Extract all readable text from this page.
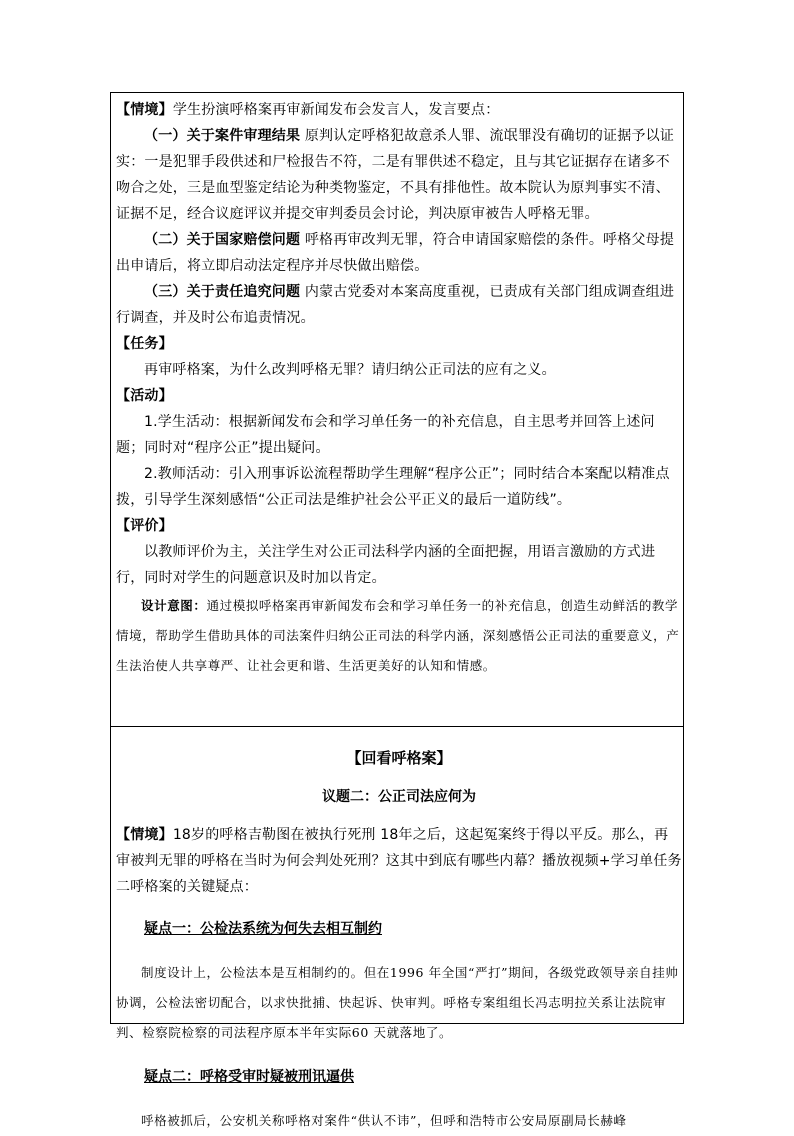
【情境】学生扮演呼格案再审新闻发布会发言人，发言要点：

（一）关于案件审理结果 原判认定呼格犯故意杀人罪、流氓罪没有确切的证据予以证实：一是犯罪手段供述和尸检报告不符，二是有罪供述不稳定，且与其它证据存在诸多不吻合之处，三是血型鉴定结论为种类物鉴定，不具有排他性。故本院认为原判事实不清、证据不足，经合议庭评议并提交审判委员会讨论，判决原审被告人呼格无罪。

（二）关于国家赔偿问题 呼格再审改判无罪，符合申请国家赔偿的条件。呼格父母提出申请后，将立即启动法定程序并尽快做出赔偿。

（三）关于责任追究问题 内蒙古党委对本案高度重视，已责成有关部门组成调查组进行调查，并及时公布追责情况。

【任务】

再审呼格案，为什么改判呼格无罪？请归纳公正司法的应有之义。

【活动】

1.学生活动：根据新闻发布会和学习单任务一的补充信息，自主思考并回答上述问题；同时对“程序公正”提出疑问。

2.教师活动：引入刑事诉讼流程帮助学生理解“程序公正”；同时结合本案配以精准点拨，引导学生深刻感悟“公正司法是维护社会公平正义的最后一道防线”。

【评价】

以教师评价为主，关注学生对公正司法科学内涵的全面把握，用语言激励的方式进行，同时对学生的问题意识及时加以肯定。

设计意图：通过模拟呼格案再审新闻发布会和学习单任务一的补充信息，创造生动鲜活的教学情境，帮助学生借助具体的司法案件归纳公正司法的科学内涵，深刻感悟公正司法的重要意义，产生法治使人共享尊严、让社会更和谐、生活更美好的认知和情感。

【回看呼格案】

议题二：公正司法应何为

【情境】18岁的呼格吉勒图在被执行死刑 18年之后，这起冤案终于得以平反。那么，再审被判无罪的呼格在当时为何会判处死刑？这其中到底有哪些内幕？播放视频+学习单任务二呼格案的关键疑点：

疑点一：公检法系统为何失去相互制约

制度设计上，公检法本是互相制约的。但在1996 年全国“严打”期间，各级党政领导亲自挂帅协调，公检法密切配合，以求快批捕、快起诉、快审判。呼格专案组组长冯志明拉关系让法院审判、检察院检察的司法程序原本半年实际60 天就落地了。

疑点二：呼格受审时疑被刑讯逼供

呼格被抓后，公安机关称呼格对案件“供认不讳”，但呼和浩特市公安局原副局长赫峰
